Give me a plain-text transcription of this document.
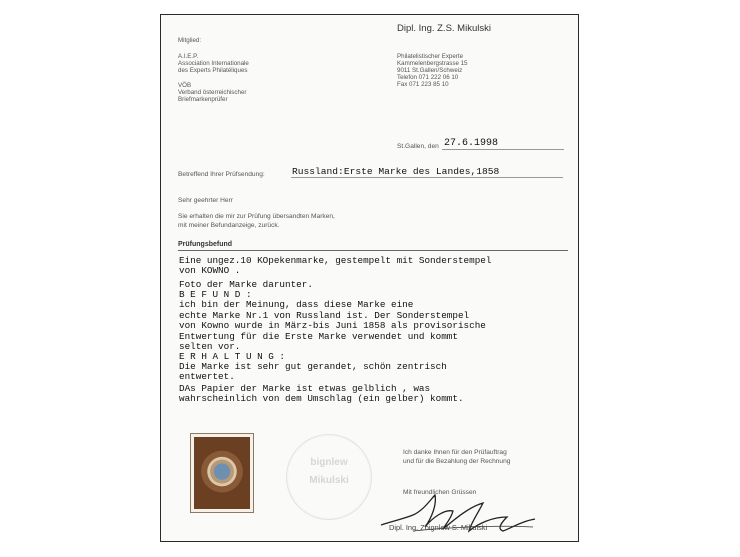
Mitglied:
A.I.E.P.
Association Internationale
des Experts Philatéliques
VÖB
Verband österreichischer
Briefmarkenprüfer
Dipl. Ing. Z.S. Mikulski
Philatelistischer Experte
Kammelenbergstrasse 15
9011 St.Gallen/Schweiz
Telefon 071 222 06 10
Fax 071 223 85 10
St.Gallen, den 27.6.1998
Betreffend Ihrer Prüfsendung:	Russland:Erste Marke des Landes,1858
Sehr geehrter Herr
Sie erhalten die mir zur Prüfung übersandten Marken,
mit meiner Befundanzeige, zurück.
Prüfungsbefund
Eine ungez.10 KOpekenmarke, gestempelt mit Sonderstempel
von KOWNO .
Foto der Marke darunter.
B E F U N D :
ich bin der Meinung, dass diese Marke eine
echte Marke Nr.1 von Russland ist. Der Sonderstempel
von Kowno wurde in März-bis Juni 1858 als provisorische
Entwertung für die Erste Marke verwendet und kommt
selten vor.
E R H A L T U N G :
Die Marke ist sehr gut gerandet, schön zentrisch
entwertet.
DAs Papier der Marke ist etwas gelblich , was
wahrscheinlich von dem Umschlag (ein gelber) kommt.
bignlew
Mikulski
Ich danke Ihnen für den Prüfauftrag
und für die Bezahlung der Rechnung
Mit freundlichen Grüssen
Dipl. Ing. Zbignlew S. Mikulski
